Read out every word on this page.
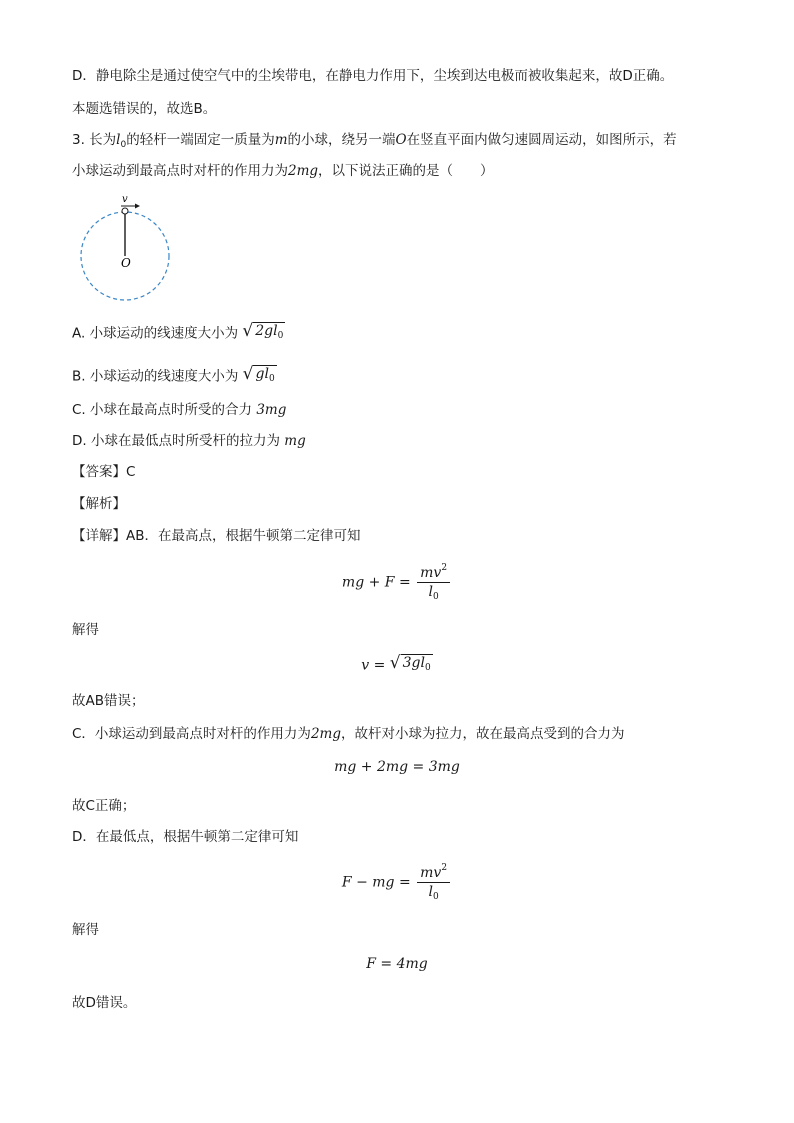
D．静电除尘是通过使空气中的尘埃带电，在静电力作用下，尘埃到达电极而被收集起来，故D正确。
本题选错误的，故选B。
3. 长为$l_0$的轻杆一端固定一质量为m的小球，绕另一端O在竖直平面内做匀速圆周运动，如图所示，若
小球运动到最高点时对杆的作用力为2mg，以下说法正确的是（　　）
v
O
A. 小球运动的线速度大小为 √ $2gl_0$
B. 小球运动的线速度大小为 √ $gl_0$
C. 小球在最高点时所受的合力 3mg
D. 小球在最低点时所受杆的拉力为 mg
【答案】C
【解析】
【详解】AB．在最高点，根据牛顿第二定律可知
mg + $F = \frac{mv^2}{l_0}$
解得
v = √ $3gl_0$
故AB错误；
C．小球运动到最高点时对杆的作用力为2mg，故杆对小球为拉力，故在最高点受到的合力为
mg + 2mg = 3mg
故C正确；
D．在最低点，根据牛顿第二定律可知
F − mg = $\frac{mv^2}{l_0}$
解得
F = 4mg
故D错误。
